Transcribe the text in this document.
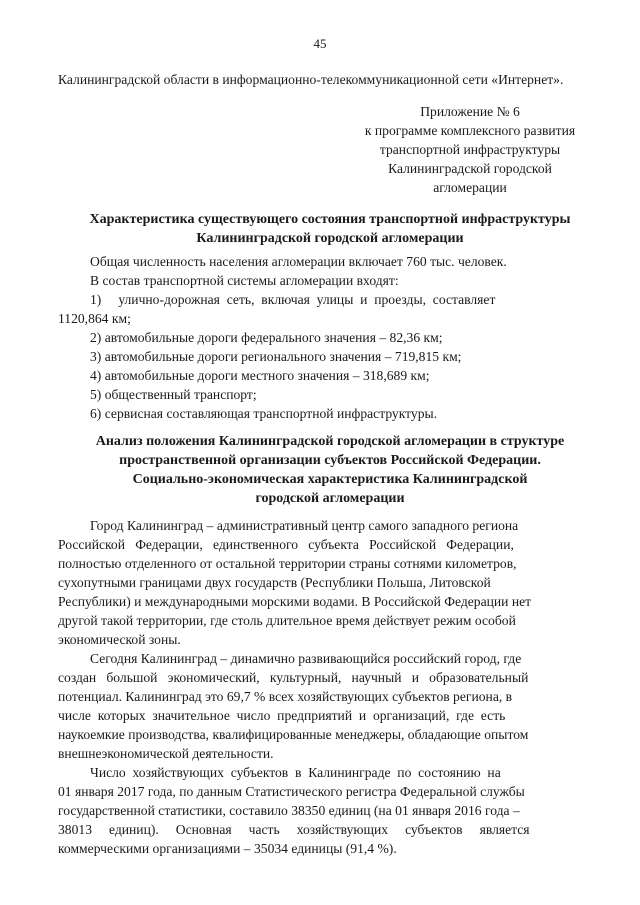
45
Калининградской области в информационно-телекоммуникационной сети «Интернет».
Приложение № 6
к программе комплексного развития
транспортной инфраструктуры
Калининградской городской
агломерации
Характеристика существующего состояния транспортной инфраструктуры
Калининградской городской агломерации
Общая численность населения агломерации включает 760 тыс. человек.
В состав транспортной системы агломерации входят:
1)     улично-дорожная  сеть,  включая  улицы  и  проезды,  составляет
1120,864 км;
2) автомобильные дороги федерального значения – 82,36 км;
3) автомобильные дороги регионального значения – 719,815 км;
4) автомобильные дороги местного значения – 318,689 км;
5) общественный транспорт;
6) сервисная составляющая транспортной инфраструктуры.
Анализ положения Калининградской городской агломерации в структуре
пространственной организации субъектов Российской Федерации.
Социально-экономическая характеристика Калининградской
городской агломерации
Город Калининград – административный центр самого западного региона
Российской   Федерации,   единственного   субъекта   Российской   Федерации,
полностью отделенного от остальной территории страны сотнями километров,
сухопутными границами двух государств (Республики Польша, Литовской
Республики) и международными морскими водами. В Российской Федерации нет
другой такой территории, где столь длительное время действует режим особой
экономической зоны.
Сегодня Калининград – динамично развивающийся российский город, где
создан   большой   экономический,   культурный,   научный   и   образовательный
потенциал. Калининград это 69,7 % всех хозяйствующих субъектов региона, в
числе  которых  значительное  число  предприятий  и  организаций,  где  есть
наукоемкие производства, квалифицированные менеджеры, обладающие опытом
внешнеэкономической деятельности.
Число  хозяйствующих  субъектов  в  Калининграде  по  состоянию  на
01 января 2017 года, по данным Статистического регистра Федеральной службы
государственной статистики, составило 38350 единиц (на 01 января 2016 года –
38013     единиц).     Основная     часть     хозяйствующих     субъектов     является
коммерческими организациями – 35034 единицы (91,4 %).
